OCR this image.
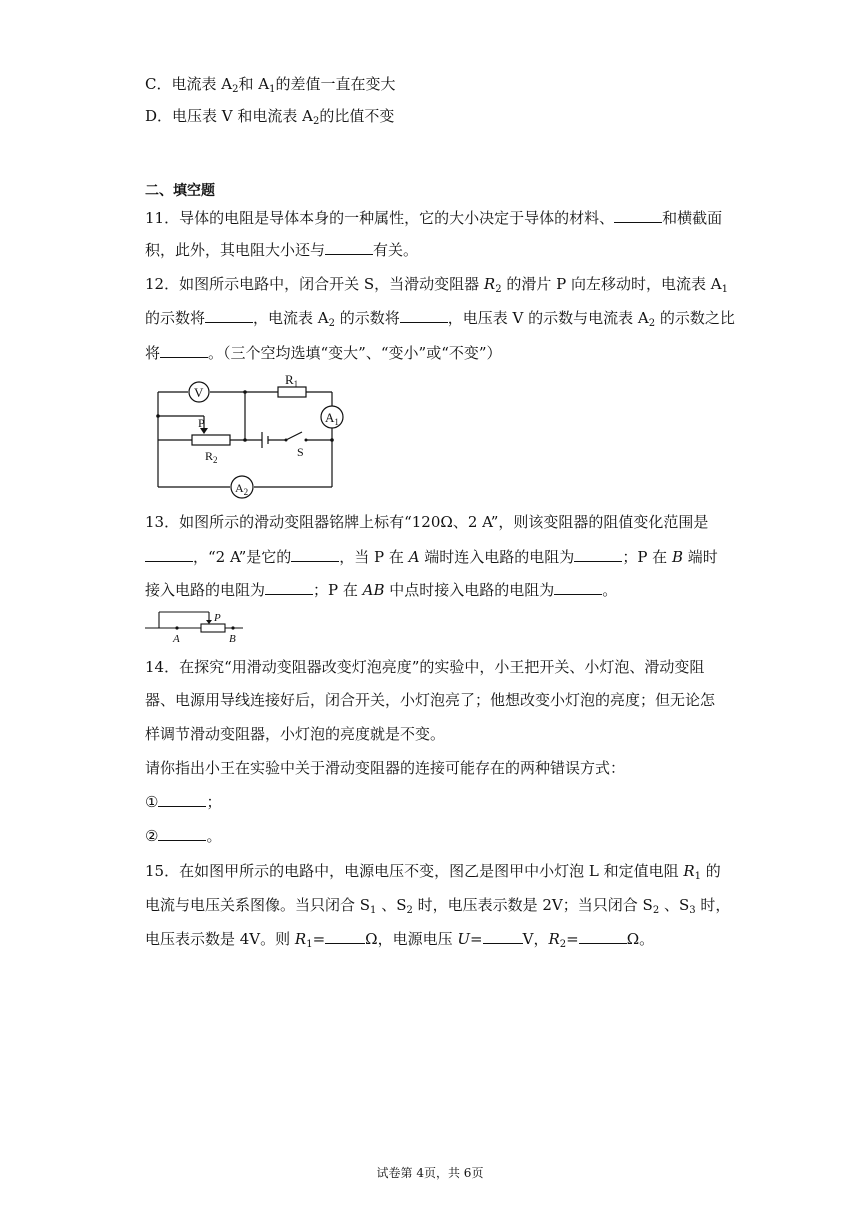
C．电流表 $A_2$和 $A_1$的差值一直在变大
D．电压表 V 和电流表 $A_2$的比值不变
二、填空题
11．导体的电阻是导体本身的一种属性，它的大小决定于导体的材料、	和横截面
积，此外，其电阻大小还与	有关。
12．如图所示电路中，闭合开关 S，当滑动变阻器 $R_2$ 的滑片 P 向左移动时，电流表 $A_1$
的示数将	，电流表 $A_2$ 的示数将	，电压表 V 的示数与电流表 $A_2$ 的示数之比
将	。（三个空均选填“变大”、“变小”或“不变”）
V
$R_1$
$A_1$
P
$R_2$
S
$A_2$
13．如图所示的滑动变阻器铭牌上标有“120Ω、2 A”，则该变阻器的阻值变化范围是
，“2 A”是它的	，当 P 在 A 端时连入电路的电阻为	；P 在 B 端时
接入电路的电阻为	；P 在 AB 中点时接入电路的电阻为	。
P
A	B
14．在探究“用滑动变阻器改变灯泡亮度”的实验中，小王把开关、小灯泡、滑动变阻
器、电源用导线连接好后，闭合开关，小灯泡亮了；他想改变小灯泡的亮度；但无论怎
样调节滑动变阻器，小灯泡的亮度就是不变。
请你指出小王在实验中关于滑动变阻器的连接可能存在的两种错误方式：
①	；
②	。
15．在如图甲所示的电路中，电源电压不变，图乙是图甲中小灯泡 L 和定值电阻 $R_1$ 的
电流与电压关系图像。当只闭合 $S_1$ 、$S_2$ 时，电压表示数是 2V；当只闭合 $S_2$ 、$S_3$ 时，
电压表示数是 4V。则 $R_1=$	Ω，电源电压 U=	V，$R_2=$	Ω。
试卷第 4页，共 6页
